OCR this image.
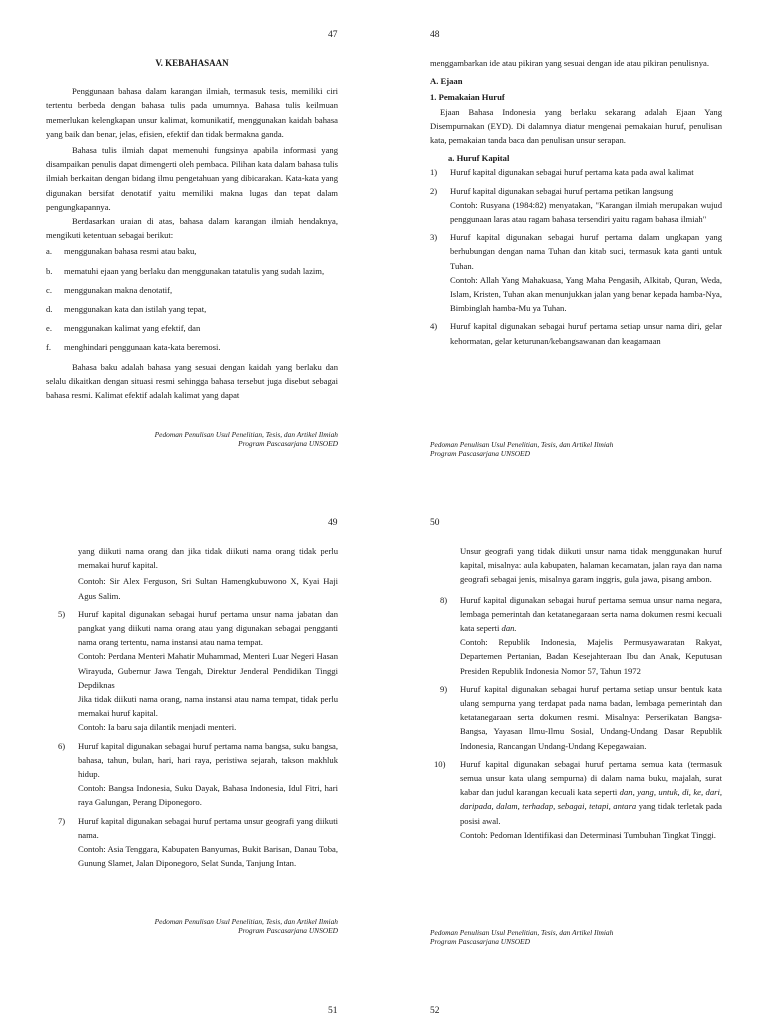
47	48
49	50
51	52
V. KEBAHASAAN

Penggunaan bahasa dalam karangan ilmiah, termasuk tesis, memiliki ciri tertentu berbeda dengan bahasa tulis pada umumnya. Bahasa tulis keilmuan memerlukan kelengkapan unsur kalimat, komunikatif, menggunakan kaidah bahasa yang baik dan benar, jelas, efisien, efektif dan tidak bermakna ganda.

Bahasa tulis ilmiah dapat memenuhi fungsinya apabila informasi yang disampaikan penulis dapat dimengerti oleh pembaca. Pilihan kata dalam bahasa tulis ilmiah berkaitan dengan bidang ilmu pengetahuan yang dibicarakan. Kata-kata yang digunakan bersifat denotatif yaitu memiliki makna lugas dan tepat dalam pengungkapannya.

Berdasarkan uraian di atas, bahasa dalam karangan ilmiah hendaknya, mengikuti ketentuan sebagai berikut:

a. menggunakan bahasa resmi atau baku,
b. mematuhi ejaan yang berlaku dan menggunakan tatatulis yang sudah lazim,
c. menggunakan makna denotatif,
d. menggunakan kata dan istilah yang tepat,
e. menggunakan kalimat yang efektif, dan
f. menghindari penggunaan kata-kata beremosi.

Bahasa baku adalah bahasa yang sesuai dengan kaidah yang berlaku dan selalu dikaitkan dengan situasi resmi sehingga bahasa tersebut juga disebut sebagai bahasa resmi. Kalimat efektif adalah kalimat yang dapat

Pedoman Penulisan Usul Penelitian, Tesis, dan Artikel Ilmiah
Program Pascasarjana UNSOED

menggambarkan ide atau pikiran yang sesuai dengan ide atau pikiran penulisnya.

A. Ejaan
1. Pemakaian Huruf

Ejaan Bahasa Indonesia yang berlaku sekarang adalah Ejaan Yang Disempurnakan (EYD). Di dalamnya diatur mengenai pemakaian huruf, penulisan kata, pemakaian tanda baca dan penulisan unsur serapan.

a. Huruf Kapital
1) Huruf kapital digunakan sebagai huruf pertama kata pada awal kalimat

2) Huruf kapital digunakan sebagai huruf pertama petikan langsung

Contoh: Rusyana (1984:82) menyatakan, "Karangan ilmiah merupakan wujud penggunaan laras atau ragam bahasa tersendiri yaitu ragam bahasa ilmiah"

3) Huruf kapital digunakan sebagai huruf pertama dalam ungkapan yang berhubungan dengan nama Tuhan dan kitab suci, termasuk kata ganti untuk Tuhan.

Contoh: Allah Yang Mahakuasa, Yang Maha Pengasih, Alkitab, Quran, Weda, Islam, Kristen, Tuhan akan menunjukkan jalan yang benar kepada hamba-Nya, Bimbinglah hamba-Mu ya Tuhan.

4) Huruf kapital digunakan sebagai huruf pertama setiap unsur nama diri, gelar kehormatan, gelar keturunan/kebangsawanan dan keagamaan

Pedoman Penulisan Usul Penelitian, Tesis, dan Artikel Ilmiah
Program Pascasarjana UNSOED

yang diikuti nama orang dan jika tidak diikuti nama orang tidak perlu memakai huruf kapital.

Contoh: Sir Alex Ferguson, Sri Sultan Hamengkubuwono X, Kyai Haji Agus Salim.

5) Huruf kapital digunakan sebagai huruf pertama unsur nama jabatan dan pangkat yang diikuti nama orang atau yang digunakan sebagai pengganti nama orang tertentu, nama instansi atau nama tempat.

Contoh: Perdana Menteri Mahatir Muhammad, Menteri Luar Negeri Hasan Wirayuda, Gubernur Jawa Tengah, Direktur Jenderal Pendidikan Tinggi Depdiknas

Jika tidak diikuti nama orang, nama instansi atau nama tempat, tidak perlu memakai huruf kapital.

Contoh: Ia baru saja dilantik menjadi menteri.

6) Huruf kapital digunakan sebagai huruf pertama nama bangsa, suku bangsa, bahasa, tahun, bulan, hari, hari raya, peristiwa sejarah, takson makhluk hidup.

Contoh: Bangsa Indonesia, Suku Dayak, Bahasa Indonesia, Idul Fitri, hari raya Galungan, Perang Diponegoro.

7) Huruf kapital digunakan sebagai huruf pertama unsur geografi yang diikuti nama.

Contoh: Asia Tenggara, Kabupaten Banyumas, Bukit Barisan, Danau Toba, Gunung Slamet, Jalan Diponegoro, Selat Sunda, Tanjung Intan.

Pedoman Penulisan Usul Penelitian, Tesis, dan Artikel Ilmiah
Program Pascasarjana UNSOED

Unsur geografi yang tidak diikuti unsur nama tidak menggunakan huruf kapital, misalnya: aula kabupaten, halaman kecamatan, jalan raya dan nama geografi sebagai jenis, misalnya garam inggris, gula jawa, pisang ambon.

8) Huruf kapital digunakan sebagai huruf pertama semua unsur nama negara, lembaga pemerintah dan ketatanegaraan serta nama dokumen resmi kecuali kata seperti dan.

Contoh: Republik Indonesia, Majelis Permusyawaratan Rakyat, Departemen Pertanian, Badan Kesejahteraan Ibu dan Anak, Keputusan Presiden Republik Indonesia Nomor 57, Tahun 1972

9) Huruf kapital digunakan sebagai huruf pertama setiap unsur bentuk kata ulang sempurna yang terdapat pada nama badan, lembaga pemerintah dan ketatanegaraan serta dokumen resmi. Misalnya: Perserikatan Bangsa-Bangsa, Yayasan Ilmu-Ilmu Sosial, Undang-Undang Dasar Republik Indonesia, Rancangan Undang-Undang Kepegawaian.

10) Huruf kapital digunakan sebagai huruf pertama semua kata (termasuk semua unsur kata ulang sempurna) di dalam nama buku, majalah, surat kabar dan judul karangan kecuali kata seperti dan, yang, untuk, di, ke, dari, daripada, dalam, terhadap, sebagai, tetapi, antara yang tidak terletak pada posisi awal.

Contoh: Pedoman Identifikasi dan Determinasi Tumbuhan Tingkat Tinggi.

Pedoman Penulisan Usul Penelitian, Tesis, dan Artikel Ilmiah
Program Pascasarjana UNSOED
